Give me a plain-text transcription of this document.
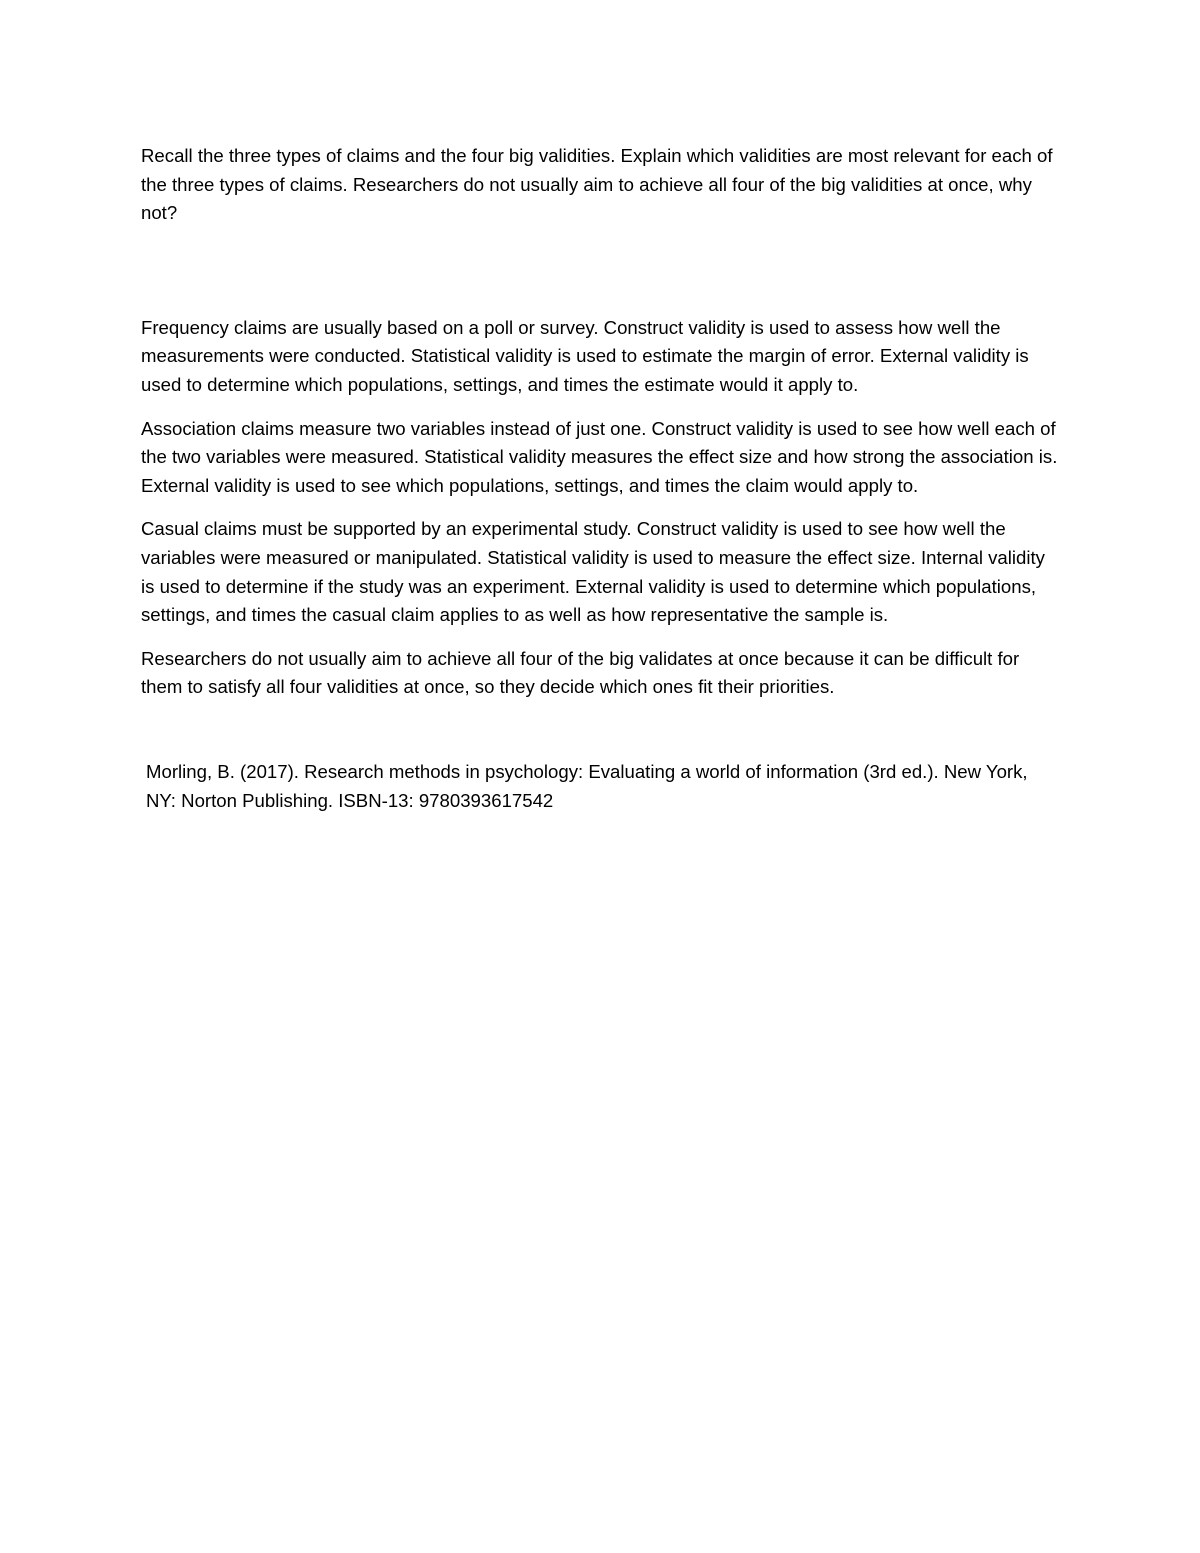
Recall the three types of claims and the four big validities. Explain which validities are most relevant for each of the three types of claims. Researchers do not usually aim to achieve all four of the big validities at once, why not?

Frequency claims are usually based on a poll or survey. Construct validity is used to assess how well the measurements were conducted. Statistical validity is used to estimate the margin of error. External validity is used to determine which populations, settings, and times the estimate would it apply to.

Association claims measure two variables instead of just one. Construct validity is used to see how well each of the two variables were measured. Statistical validity measures the effect size and how strong the association is. External validity is used to see which populations, settings, and times the claim would apply to.

Casual claims must be supported by an experimental study. Construct validity is used to see how well the variables were measured or manipulated. Statistical validity is used to measure the effect size. Internal validity is used to determine if the study was an experiment. External validity is used to determine which populations, settings, and times the casual claim applies to as well as how representative the sample is.

Researchers do not usually aim to achieve all four of the big validates at once because it can be difficult for them to satisfy all four validities at once, so they decide which ones fit their priorities.

Morling, B. (2017). Research methods in psychology: Evaluating a world of information (3rd ed.). New York, NY: Norton Publishing. ISBN-13: 9780393617542
